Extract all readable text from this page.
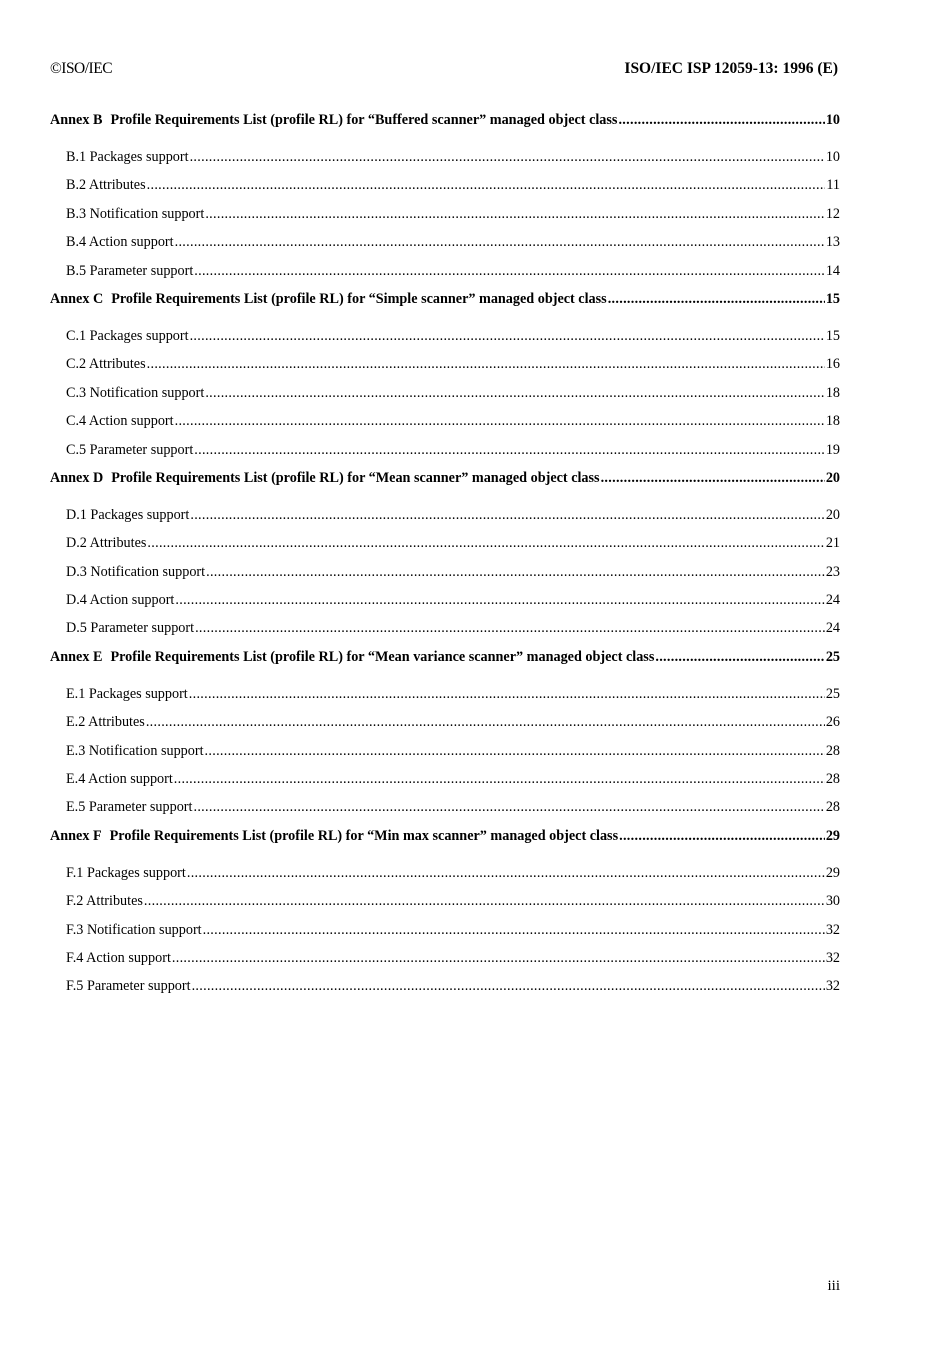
©ISO/IEC	ISO/IEC ISP 12059-13: 1996 (E)
Annex B Profile Requirements List (profile RL) for “Buffered scanner” managed object class .....	10
B.1 Packages support .....	10
B.2 Attributes .....	11
B.3 Notification support .....	12
B.4 Action support .....	13
B.5 Parameter support .....	14
Annex C Profile Requirements List (profile RL) for “Simple scanner” managed object class .....	15
C.1 Packages support .....	15
C.2 Attributes .....	16
C.3 Notification support .....	18
C.4 Action support .....	18
C.5 Parameter support .....	19
Annex D Profile Requirements List (profile RL) for “Mean scanner” managed object class .....	20
D.1 Packages support .....	20
D.2 Attributes .....	21
D.3 Notification support .....	23
D.4 Action support .....	24
D.5 Parameter support .....	24
Annex E Profile Requirements List (profile RL) for “Mean variance scanner” managed object class .....	25
E.1 Packages support .....	25
E.2 Attributes .....	26
E.3 Notification support .....	28
E.4 Action support .....	28
E.5 Parameter support .....	28
Annex F Profile Requirements List (profile RL) for “Min max scanner” managed object class .....	29
F.1 Packages support .....	29
F.2 Attributes .....	30
F.3 Notification support .....	32
F.4 Action support .....	32
F.5 Parameter support .....	32
iii
